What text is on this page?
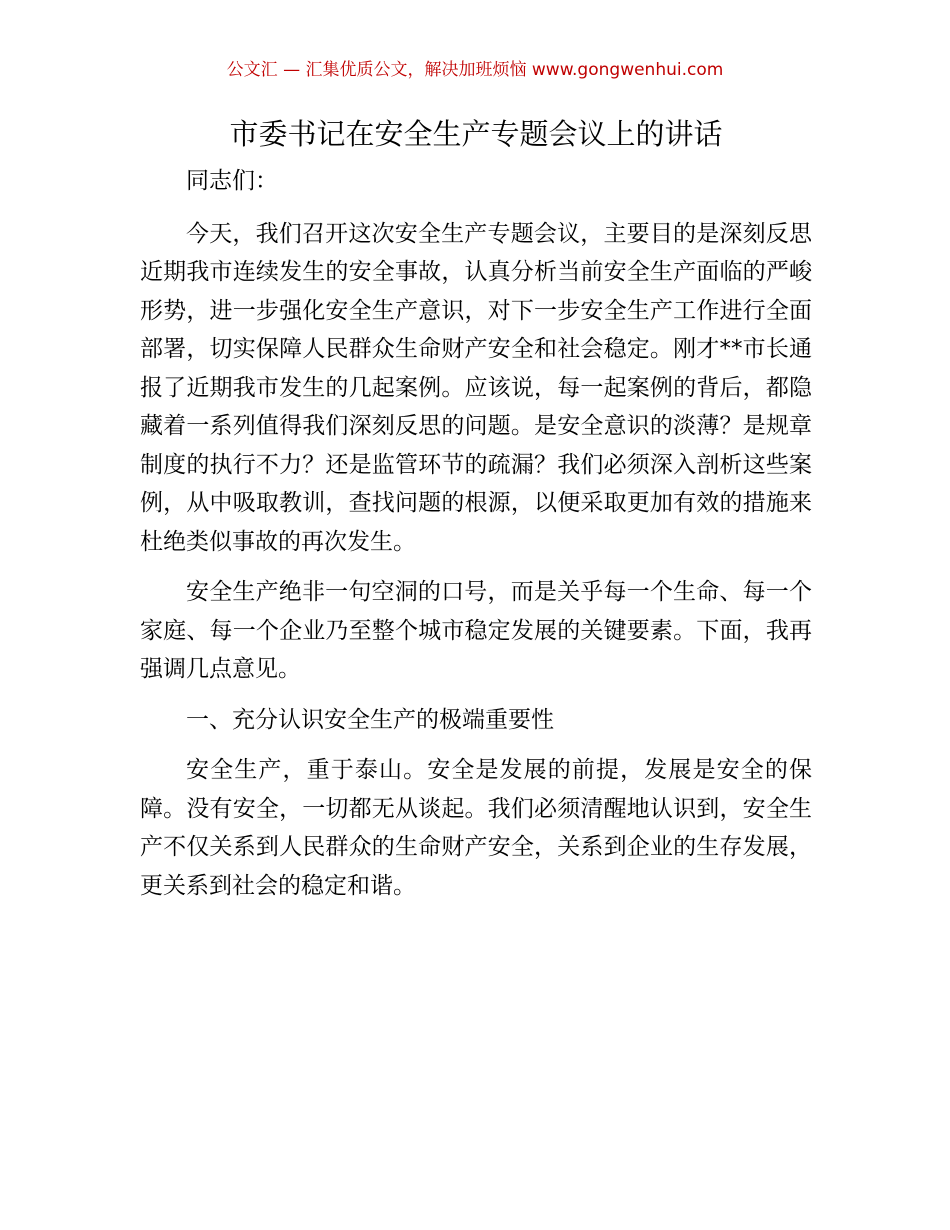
公文汇 — 汇集优质公文，解决加班烦恼 www.gongwenhui.com
市委书记在安全生产专题会议上的讲话

同志们：

今天，我们召开这次安全生产专题会议，主要目的是深刻反思近期我市连续发生的安全事故，认真分析当前安全生产面临的严峻形势，进一步强化安全生产意识，对下一步安全生产工作进行全面部署，切实保障人民群众生命财产安全和社会稳定。刚才**市长通报了近期我市发生的几起案例。应该说，每一起案例的背后，都隐藏着一系列值得我们深刻反思的问题。是安全意识的淡薄？是规章制度的执行不力？还是监管环节的疏漏？我们必须深入剖析这些案例，从中吸取教训，查找问题的根源，以便采取更加有效的措施来杜绝类似事故的再次发生。

安全生产绝非一句空洞的口号，而是关乎每一个生命、每一个家庭、每一个企业乃至整个城市稳定发展的关键要素。下面，我再强调几点意见。

一、充分认识安全生产的极端重要性

安全生产，重于泰山。安全是发展的前提，发展是安全的保障。没有安全，一切都无从谈起。我们必须清醒地认识到，安全生产不仅关系到人民群众的生命财产安全，关系到企业的生存发展，更关系到社会的稳定和谐。
